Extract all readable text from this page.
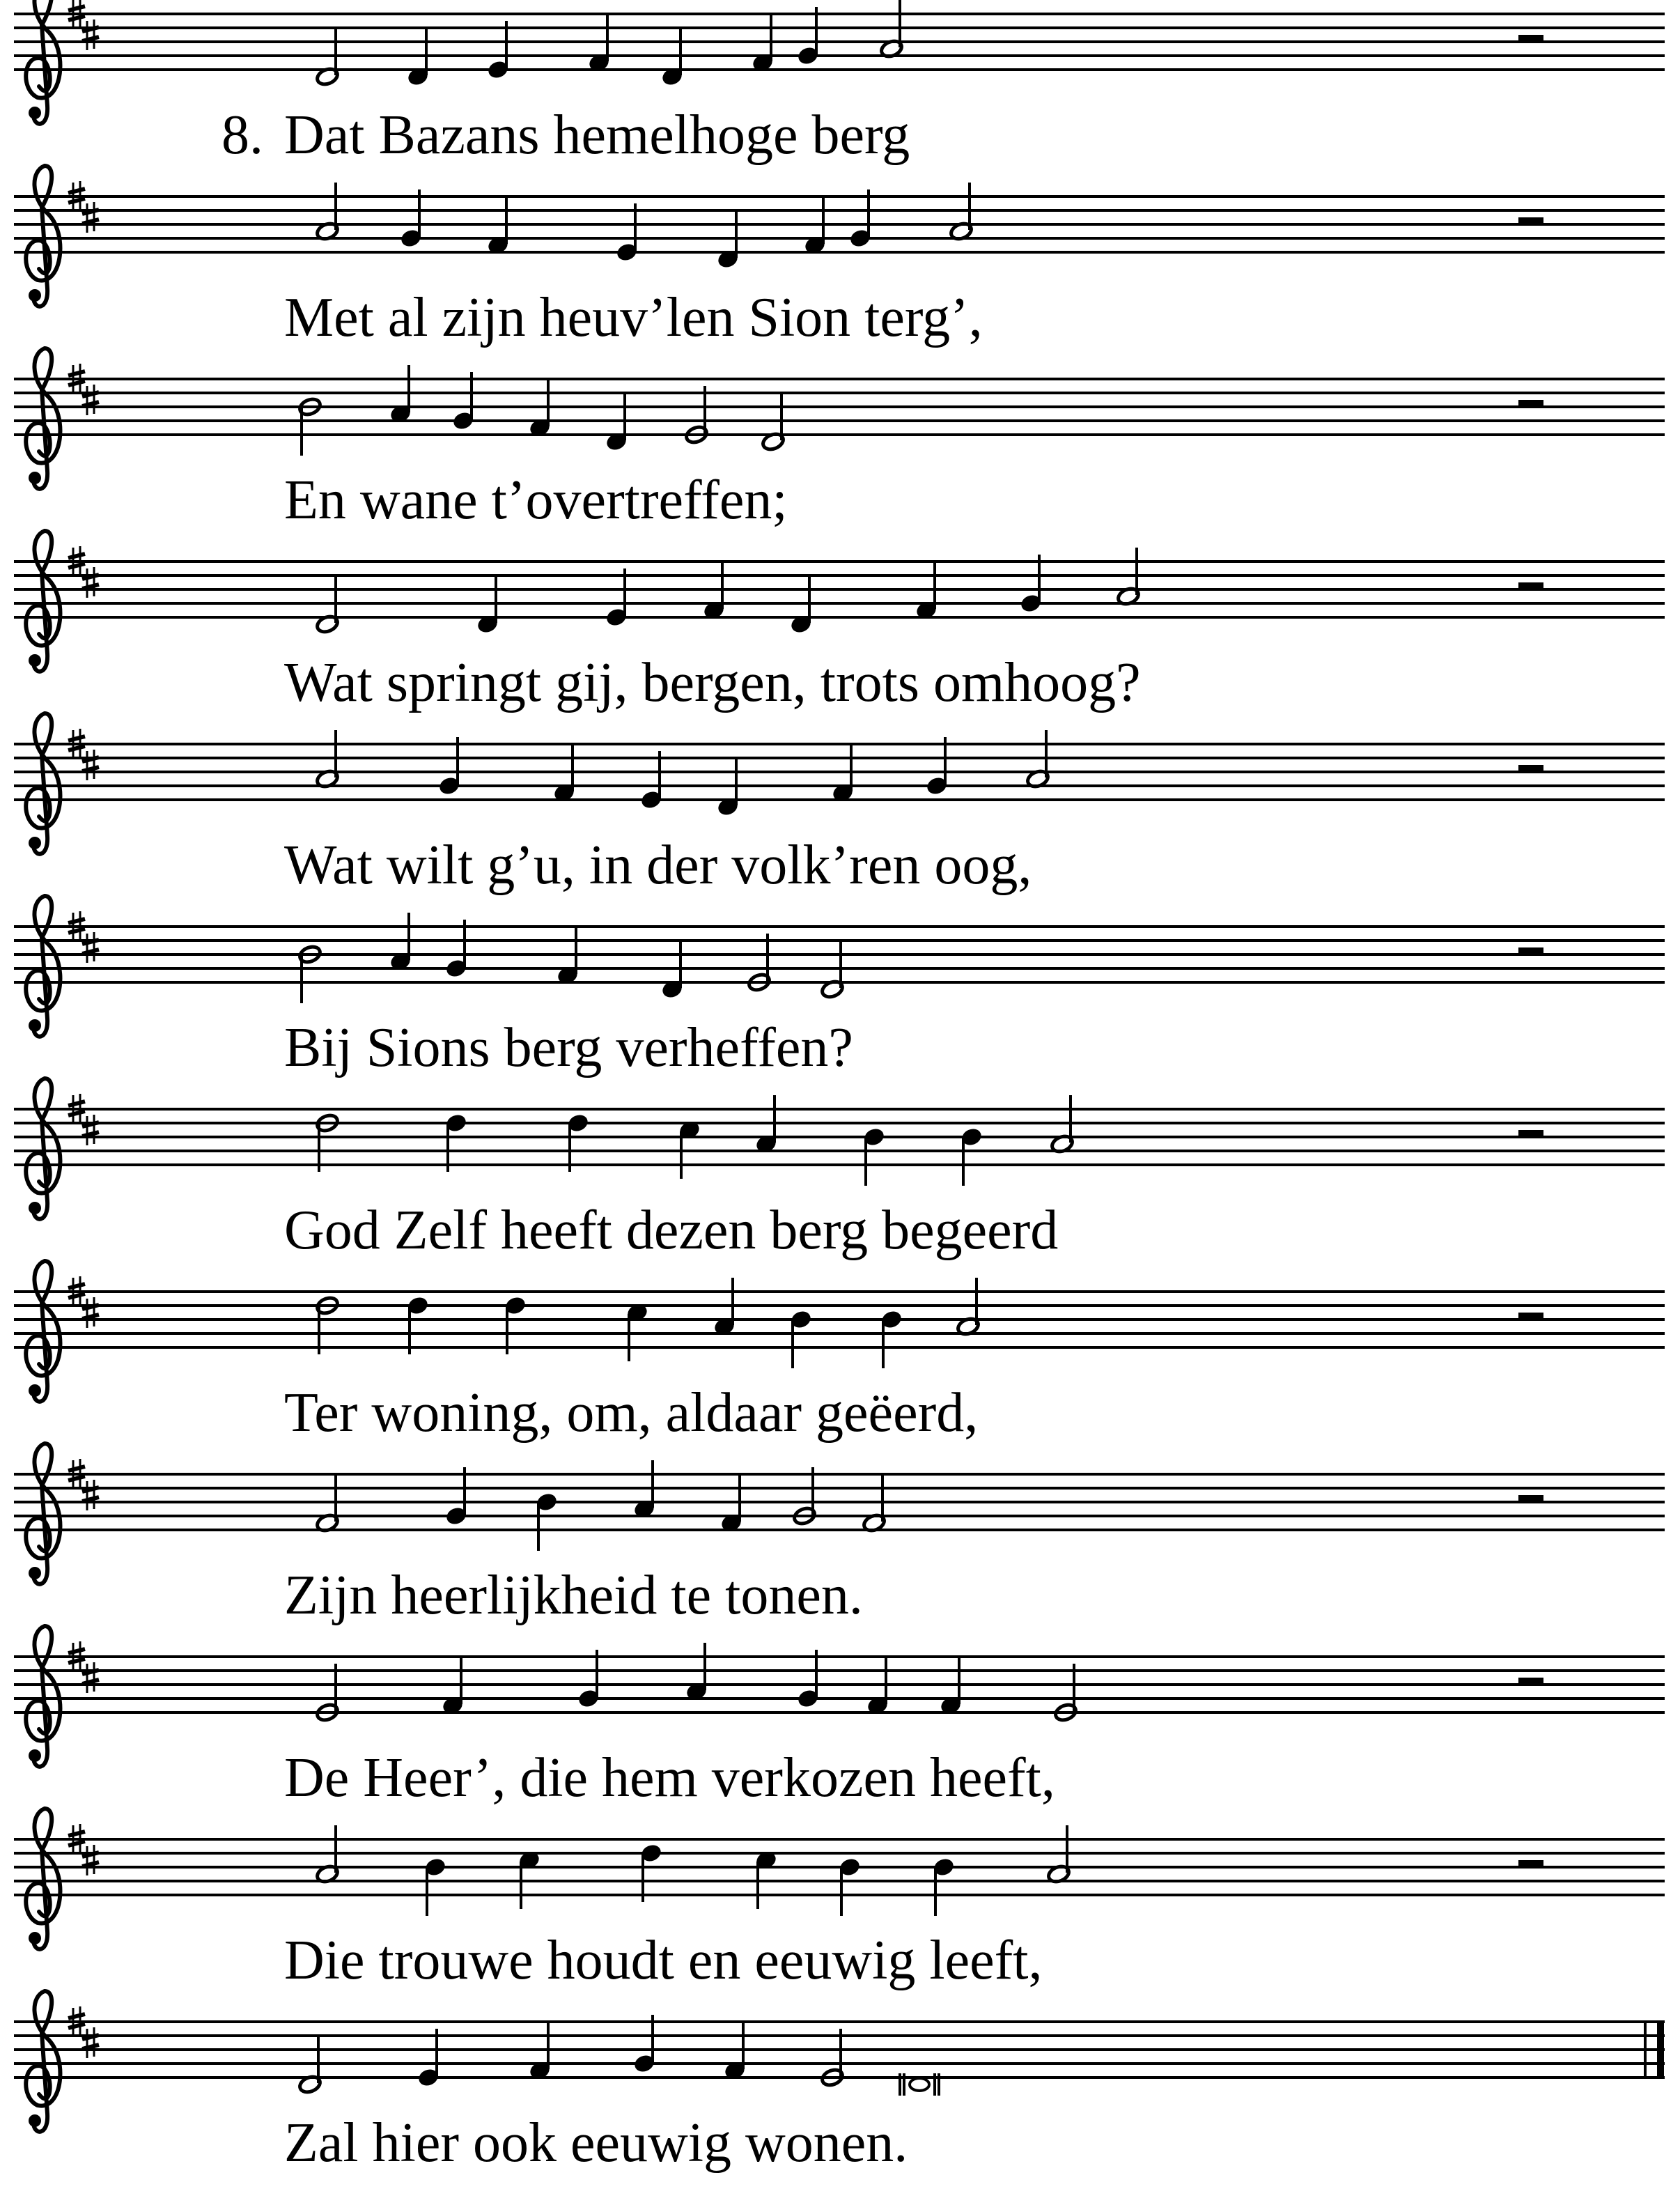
Dat Bazans hemelhoge berg
8.
Met al zijn heuv’len Sion terg’,
En wane t’overtreffen;
Wat springt gij, bergen, trots omhoog?
Wat wilt g’u, in der volk’ren oog,
Bij Sions berg verheffen?
God Zelf heeft dezen berg begeerd
Ter woning, om, aldaar geëerd,
Zijn heerlijkheid te tonen.
De Heer’, die hem verkozen heeft,
Die trouwe houdt en eeuwig leeft,
Zal hier ook eeuwig wonen.
